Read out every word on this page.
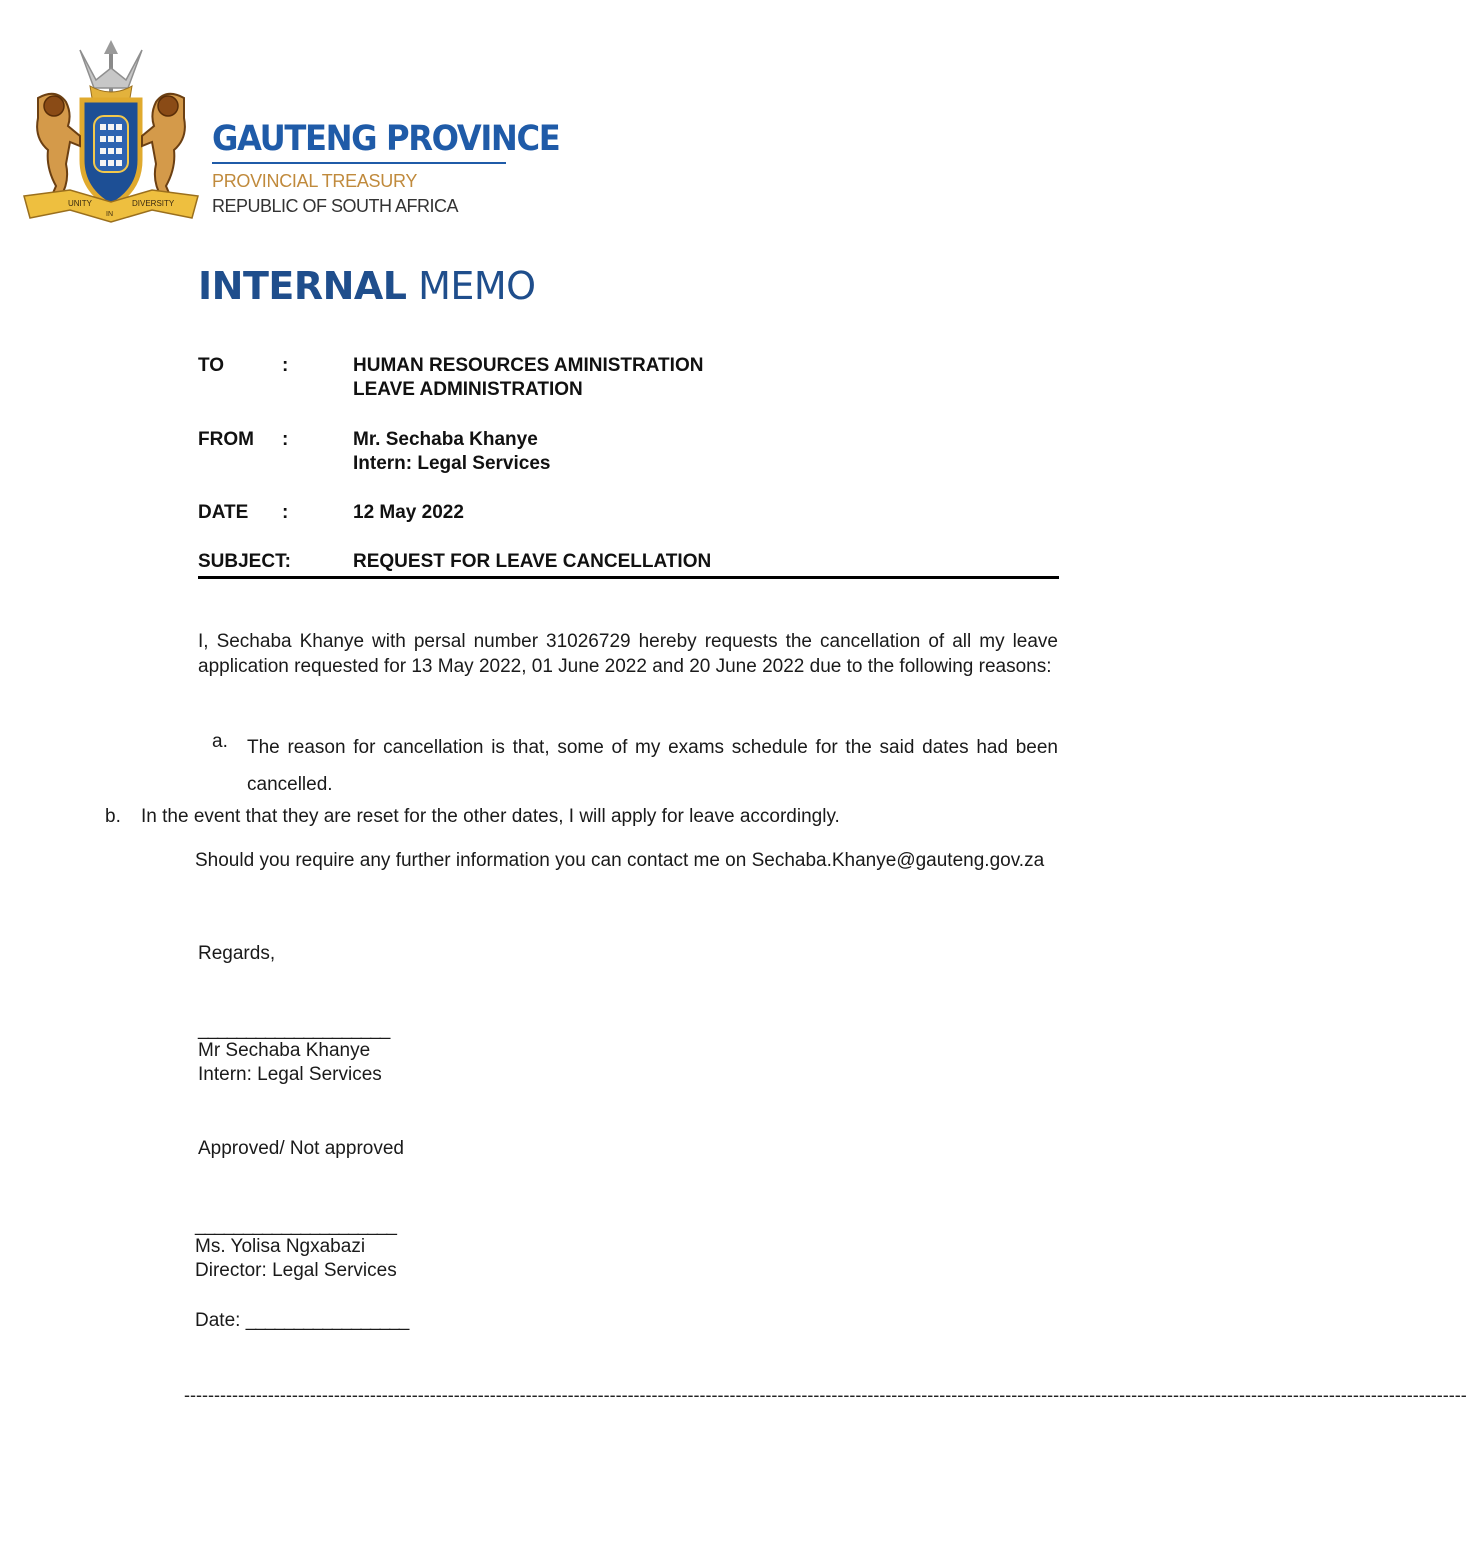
UNITY
IN
DIVERSITY
GAUTENG PROVINCE
PROVINCIAL TREASURY
REPUBLIC OF SOUTH AFRICA
INTERNAL MEMO
TO	:	HUMAN RESOURCES AMINISTRATION
LEAVE ADMINISTRATION
FROM	:	Mr. Sechaba Khanye
Intern: Legal Services
DATE	:	12 May 2022
SUBJECT:	REQUEST FOR LEAVE CANCELLATION
I, Sechaba Khanye with persal number 31026729 hereby requests the cancellation of all my leave application requested for 13 May 2022, 01 June 2022 and 20 June 2022 due to the following reasons:
a. The reason for cancellation is that, some of my exams schedule for the said dates had been cancelled.
b. In the event that they are reset for the other dates, I will apply for leave accordingly.
Should you require any further information you can contact me on Sechaba.Khanye@gauteng.gov.za
Regards,
____________________
Mr Sechaba Khanye
Intern: Legal Services
Approved/ Not approved
_____________________
Ms. Yolisa Ngxabazi
Director: Legal Services
Date: _________________
----------------------------------------------------------------------------------------------------------------------------------------------------------------------------------------------------------------------
